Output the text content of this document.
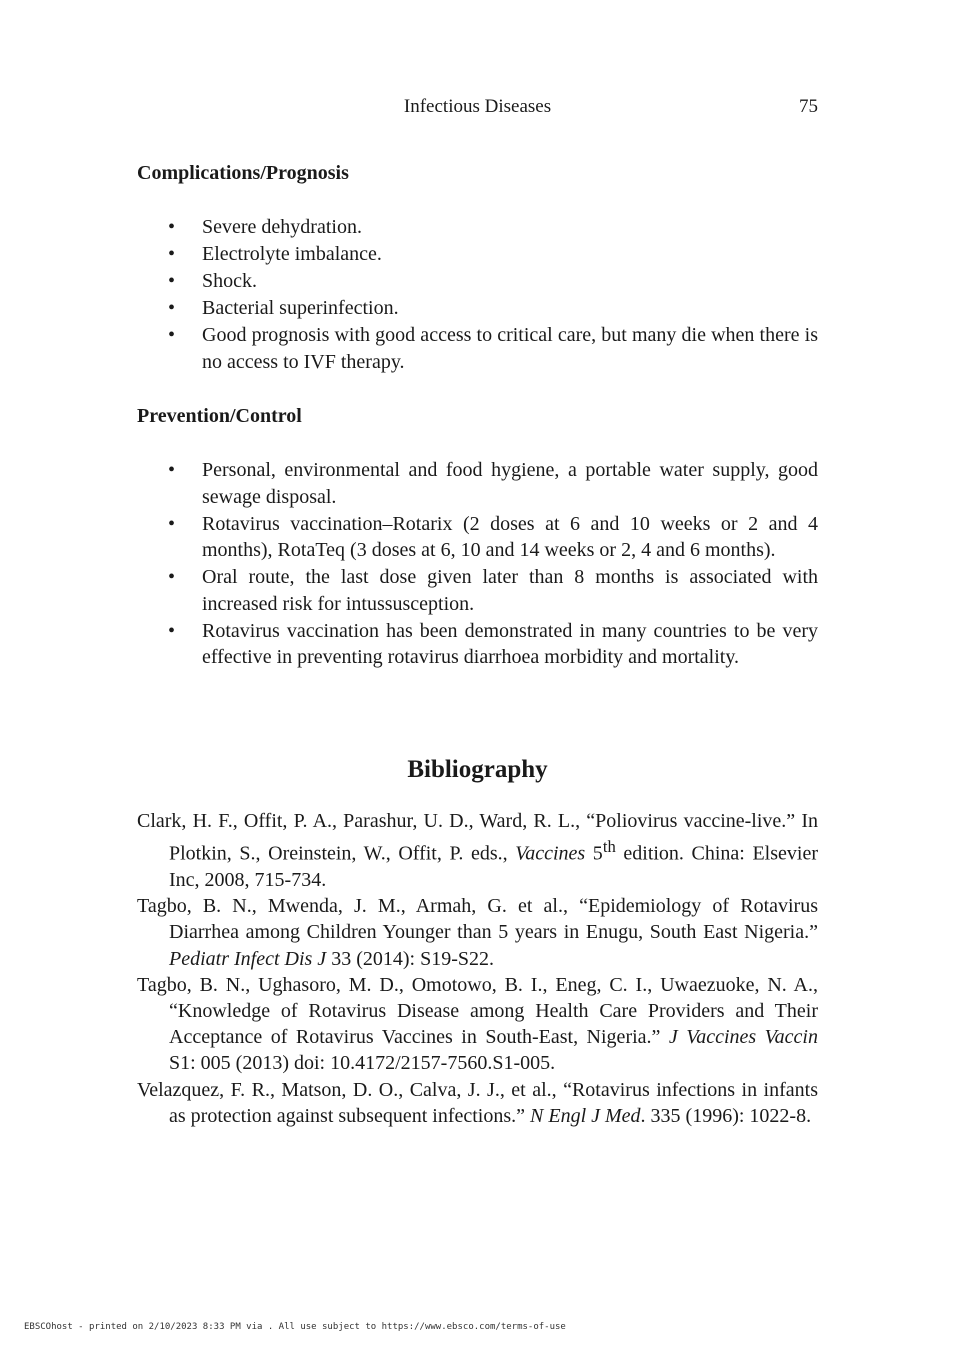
Infectious Diseases	75
Complications/Prognosis
• Severe dehydration.
• Electrolyte imbalance.
• Shock.
• Bacterial superinfection.
• Good prognosis with good access to critical care, but many die when there is no access to IVF therapy.
Prevention/Control
• Personal, environmental and food hygiene, a portable water supply, good sewage disposal.
• Rotavirus vaccination–Rotarix (2 doses at 6 and 10 weeks or 2 and 4 months), RotaTeq (3 doses at 6, 10 and 14 weeks or 2, 4 and 6 months).
• Oral route, the last dose given later than 8 months is associated with increased risk for intussusception.
• Rotavirus vaccination has been demonstrated in many countries to be very effective in preventing rotavirus diarrhoea morbidity and mortality.
Bibliography

Clark, H. F., Offit, P. A., Parashur, U. D., Ward, R. L., “Poliovirus vaccine-live.” In Plotkin, S., Oreinstein, W., Offit, P. eds., Vaccines 5th edition. China: Elsevier Inc, 2008, 715-734.

Tagbo, B. N., Mwenda, J. M., Armah, G. et al., “Epidemiology of Rotavirus Diarrhea among Children Younger than 5 years in Enugu, South East Nigeria.” Pediatr Infect Dis J 33 (2014): S19-S22.

Tagbo, B. N., Ughasoro, M. D., Omotowo, B. I., Eneg, C. I., Uwaezuoke, N. A., “Knowledge of Rotavirus Disease among Health Care Providers and Their Acceptance of Rotavirus Vaccines in South-East, Nigeria.” J Vaccines Vaccin S1: 005 (2013) doi: 10.4172/2157-7560.S1-005.

Velazquez, F. R., Matson, D. O., Calva, J. J., et al., “Rotavirus infections in infants as protection against subsequent infections.” N Engl J Med. 335 (1996): 1022-8.

EBSCOhost - printed on 2/10/2023 8:33 PM via . All use subject to https://www.ebsco.com/terms-of-use
